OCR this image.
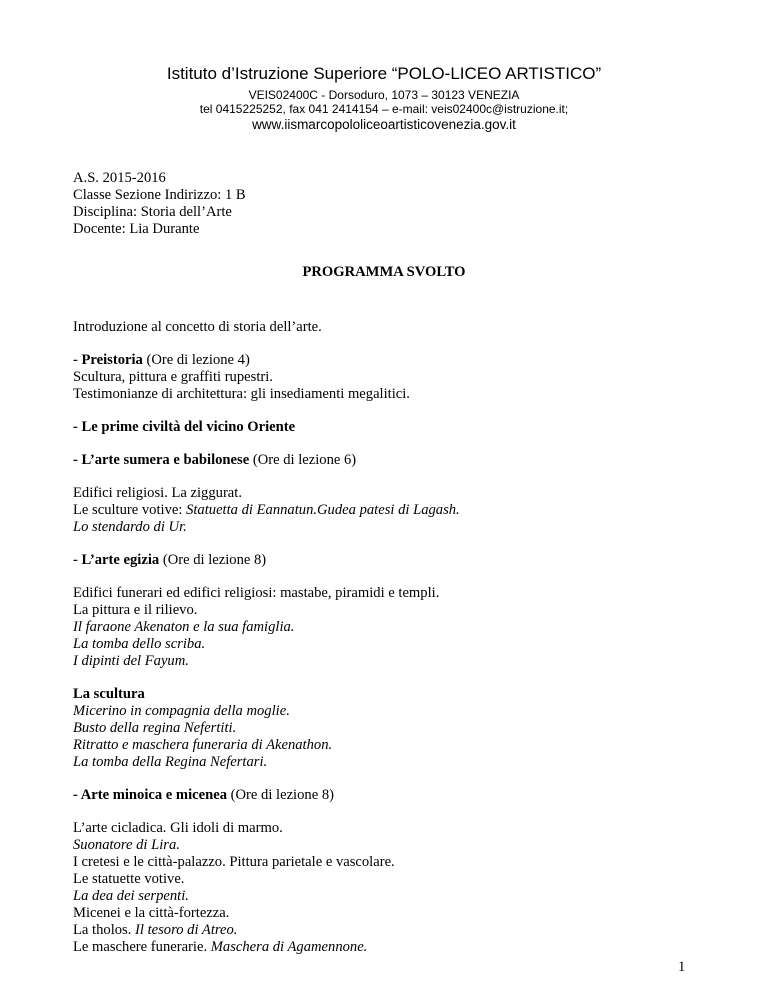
Istituto d’Istruzione Superiore “POLO-LICEO ARTISTICO”
VEIS02400C - Dorsoduro, 1073 – 30123 VENEZIA
tel 0415225252, fax 041 2414154 – e-mail: veis02400c@istruzione.it;
www.iismarcopololiceoartisticovenezia.gov.it
A.S. 2015-2016
Classe Sezione Indirizzo: 1 B
Disciplina: Storia dell’Arte
Docente: Lia Durante
PROGRAMMA SVOLTO
Introduzione al concetto di storia dell’arte.
- Preistoria (Ore di lezione 4)
Scultura, pittura e graffiti rupestri.
Testimonianze di architettura: gli insediamenti megalitici.
- Le prime civiltà del vicino Oriente
- L’arte sumera e babilonese (Ore di lezione 6)
Edifici religiosi. La ziggurat.
Le sculture votive: Statuetta di Eannatun.Gudea patesi di Lagash.
Lo stendardo di Ur.
- L’arte egizia (Ore di lezione 8)
Edifici funerari ed edifici religiosi: mastabe, piramidi e templi.
La pittura e il rilievo.
Il faraone Akenaton e la sua famiglia.
La tomba dello scriba.
I dipinti del Fayum.
La scultura
Micerino in compagnia della moglie.
Busto della regina Nefertiti.
Ritratto e maschera funeraria di Akenathon.
La tomba della Regina Nefertari.
- Arte minoica e micenea (Ore di lezione 8)
L’arte cicladica. Gli idoli di marmo.
Suonatore di Lira.
I cretesi e le città-palazzo. Pittura parietale e vascolare.
Le statuette votive.
La dea dei serpenti.
Micenei e la città-fortezza.
La tholos. Il tesoro di Atreo.
Le maschere funerarie. Maschera di Agamennone.
1
